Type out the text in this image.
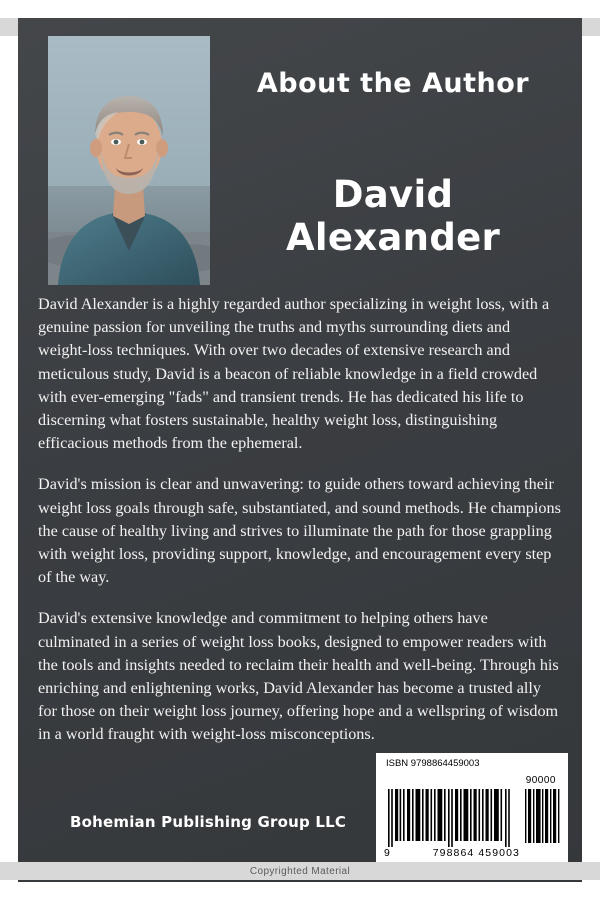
About the Author
David Alexander

David Alexander is a highly regarded author specializing in weight loss, with a genuine passion for unveiling the truths and myths surrounding diets and weight-loss techniques. With over two decades of extensive research and meticulous study, David is a beacon of reliable knowledge in a field crowded with ever-emerging "fads" and transient trends. He has dedicated his life to discerning what fosters sustainable, healthy weight loss, distinguishing efficacious methods from the ephemeral.

David's mission is clear and unwavering: to guide others toward achieving their weight loss goals through safe, substantiated, and sound methods. He champions the cause of healthy living and strives to illuminate the path for those grappling with weight loss, providing support, knowledge, and encouragement every step of the way.

David's extensive knowledge and commitment to helping others have culminated in a series of weight loss books, designed to empower readers with the tools and insights needed to reclaim their health and well-being. Through his enriching and enlightening works, David Alexander has become a trusted ally for those on their weight loss journey, offering hope and a wellspring of wisdom in a world fraught with weight-loss misconceptions.

Bohemian Publishing Group LLC
ISBN 9798864459003
90000
9	798864 459003
Copyrighted Material
